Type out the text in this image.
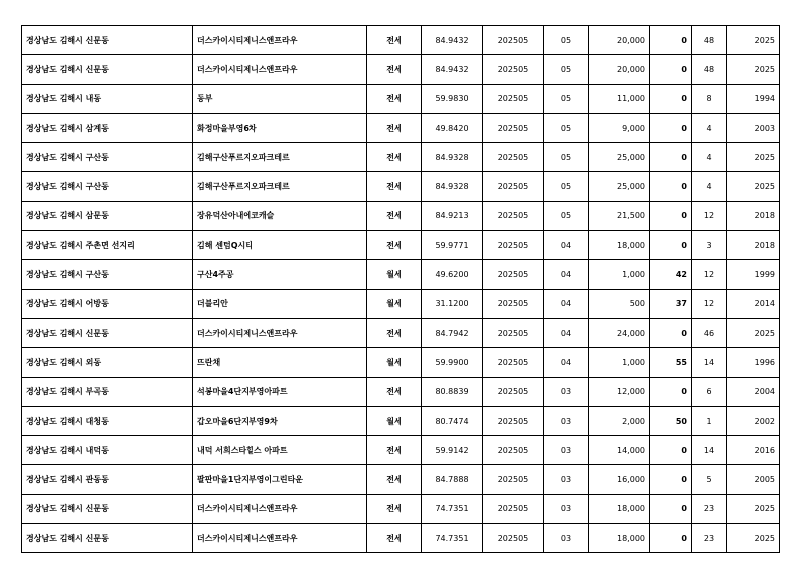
경상남도 김해시 신문동	더스카이시티제니스앤프라우	전세	84.9432	202505	05	20,000	0	48	2025
경상남도 김해시 신문동	더스카이시티제니스앤프라우	전세	84.9432	202505	05	20,000	0	48	2025
경상남도 김해시 내동	동부	전세	59.9830	202505	05	11,000	0	8	1994
경상남도 김해시 삼계동	화정마을부영6차	전세	49.8420	202505	05	9,000	0	4	2003
경상남도 김해시 구산동	김해구산푸르지오파크테르	전세	84.9328	202505	05	25,000	0	4	2025
경상남도 김해시 구산동	김해구산푸르지오파크테르	전세	84.9328	202505	05	25,000	0	4	2025
경상남도 김해시 삼문동	장유덕산아내에코캐슬	전세	84.9213	202505	05	21,500	0	12	2018
경상남도 김해시 주촌면 선지리	김해 센텀Q시티	전세	59.9771	202505	04	18,000	0	3	2018
경상남도 김해시 구산동	구산4주공	월세	49.6200	202505	04	1,000	42	12	1999
경상남도 김해시 어방동	더블리안	월세	31.1200	202505	04	500	37	12	2014
경상남도 김해시 신문동	더스카이시티제니스앤프라우	전세	84.7942	202505	04	24,000	0	46	2025
경상남도 김해시 외동	뜨란채	월세	59.9900	202505	04	1,000	55	14	1996
경상남도 김해시 부곡동	석봉마을4단지부영아파트	전세	80.8839	202505	03	12,000	0	6	2004
경상남도 김해시 대청동	갑오마을6단지부영9차	월세	80.7474	202505	03	2,000	50	1	2002
경상남도 김해시 내덕동	내덕 서희스타힐스 아파트	전세	59.9142	202505	03	14,000	0	14	2016
경상남도 김해시 관동동	팔판마을1단지부영이그린타운	전세	84.7888	202505	03	16,000	0	5	2005
경상남도 김해시 신문동	더스카이시티제니스앤프라우	전세	74.7351	202505	03	18,000	0	23	2025
경상남도 김해시 신문동	더스카이시티제니스앤프라우	전세	74.7351	202505	03	18,000	0	23	2025
